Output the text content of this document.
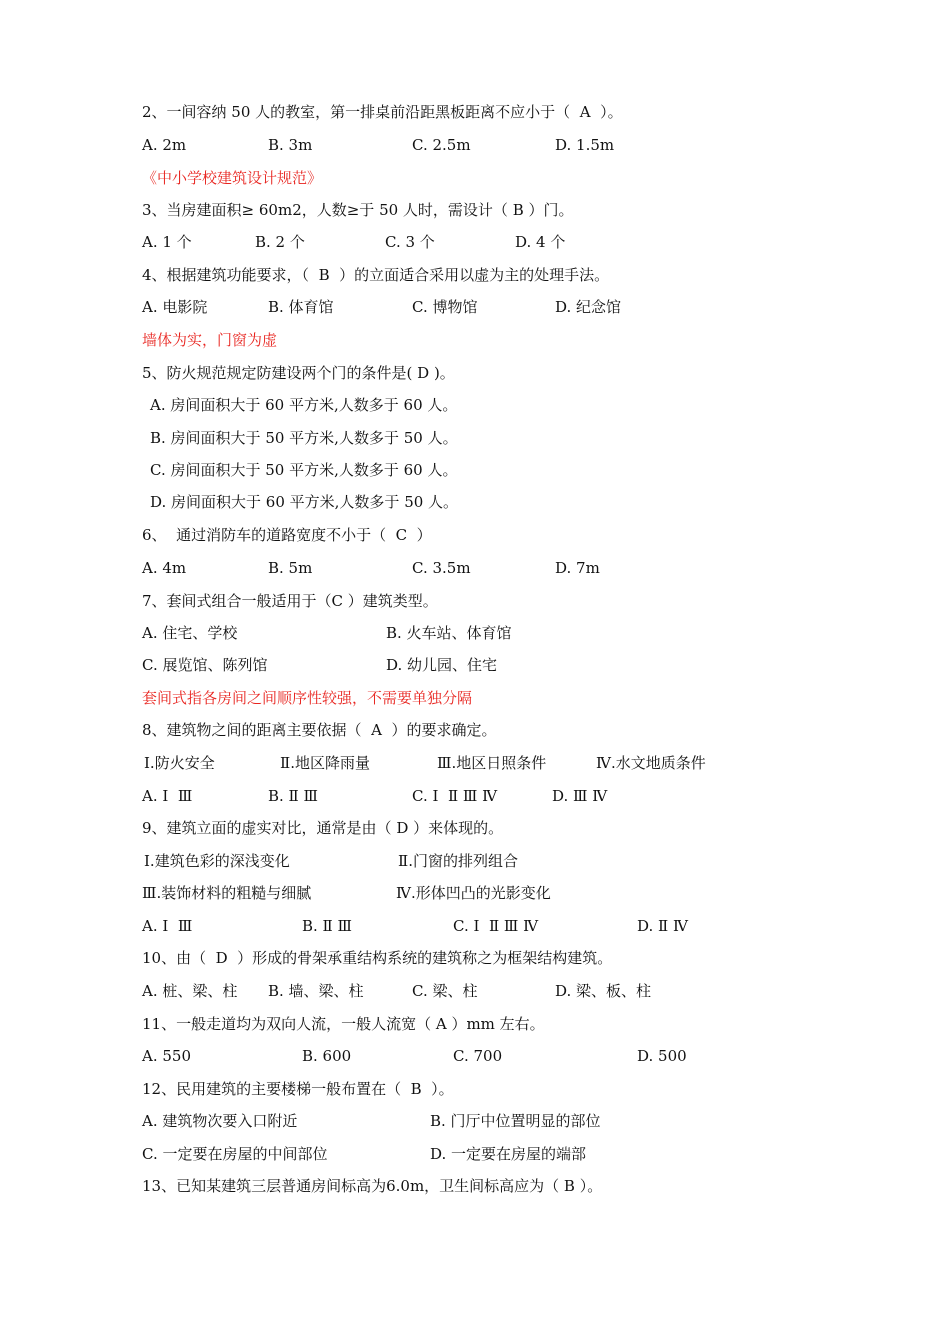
2、一间容纳 50 人的教室，第一排桌前沿距黑板距离不应小于（  A  ）。
A. 2m	B. 3m	C. 2.5m	D. 1.5m
《中小学校建筑设计规范》
3、当房建面积≥ 60m2，人数≥于 50 人时，需设计（ B ）门。
A. 1 个	B. 2 个	C. 3 个	D. 4 个
4、根据建筑功能要求，（  B  ）的立面适合采用以虚为主的处理手法。
A. 电影院	B. 体育馆	C. 博物馆	D. 纪念馆
墙体为实，门窗为虚
5、防火规范规定防建设两个门的条件是( D )。
A. 房间面积大于 60 平方米,人数多于 60 人。
B. 房间面积大于 50 平方米,人数多于 50 人。
C. 房间面积大于 50 平方米,人数多于 60 人。
D. 房间面积大于 60 平方米,人数多于 50 人。
6、  通过消防车的道路宽度不小于（  C  ）
A. 4m	B. 5m	C. 3.5m	D. 7m
7、套间式组合一般适用于（C ）建筑类型。
A. 住宅、学校	B. 火车站、体育馆
C. 展览馆、陈列馆	D. 幼儿园、住宅
套间式指各房间之间顺序性较强，不需要单独分隔
8、建筑物之间的距离主要依据（  A  ）的要求确定。
Ⅰ.防火安全	Ⅱ.地区降雨量	Ⅲ.地区日照条件	Ⅳ.水文地质条件
A. Ⅰ  Ⅲ	B. Ⅱ Ⅲ	C. Ⅰ  Ⅱ Ⅲ Ⅳ	D. Ⅲ Ⅳ
9、建筑立面的虚实对比，通常是由（ D ）来体现的。
Ⅰ.建筑色彩的深浅变化	Ⅱ.门窗的排列组合
Ⅲ.装饰材料的粗糙与细腻	Ⅳ.形体凹凸的光影变化
A. Ⅰ  Ⅲ	B. Ⅱ Ⅲ	C. Ⅰ  Ⅱ Ⅲ Ⅳ	D. Ⅱ Ⅳ
10、由（  D  ）形成的骨架承重结构系统的建筑称之为框架结构建筑。
A. 桩、梁、柱 B. 墙、梁、柱	C. 梁、柱	D. 梁、板、柱
11、一般走道均为双向人流，一般人流宽（ A ）mm 左右。
A. 550	B. 600	C. 700	D. 500
12、民用建筑的主要楼梯一般布置在（  B  ）。
A. 建筑物次要入口附近	B. 门厅中位置明显的部位
C. 一定要在房屋的中间部位	D. 一定要在房屋的端部
13、已知某建筑三层普通房间标高为6.0m，卫生间标高应为（ B ）。
